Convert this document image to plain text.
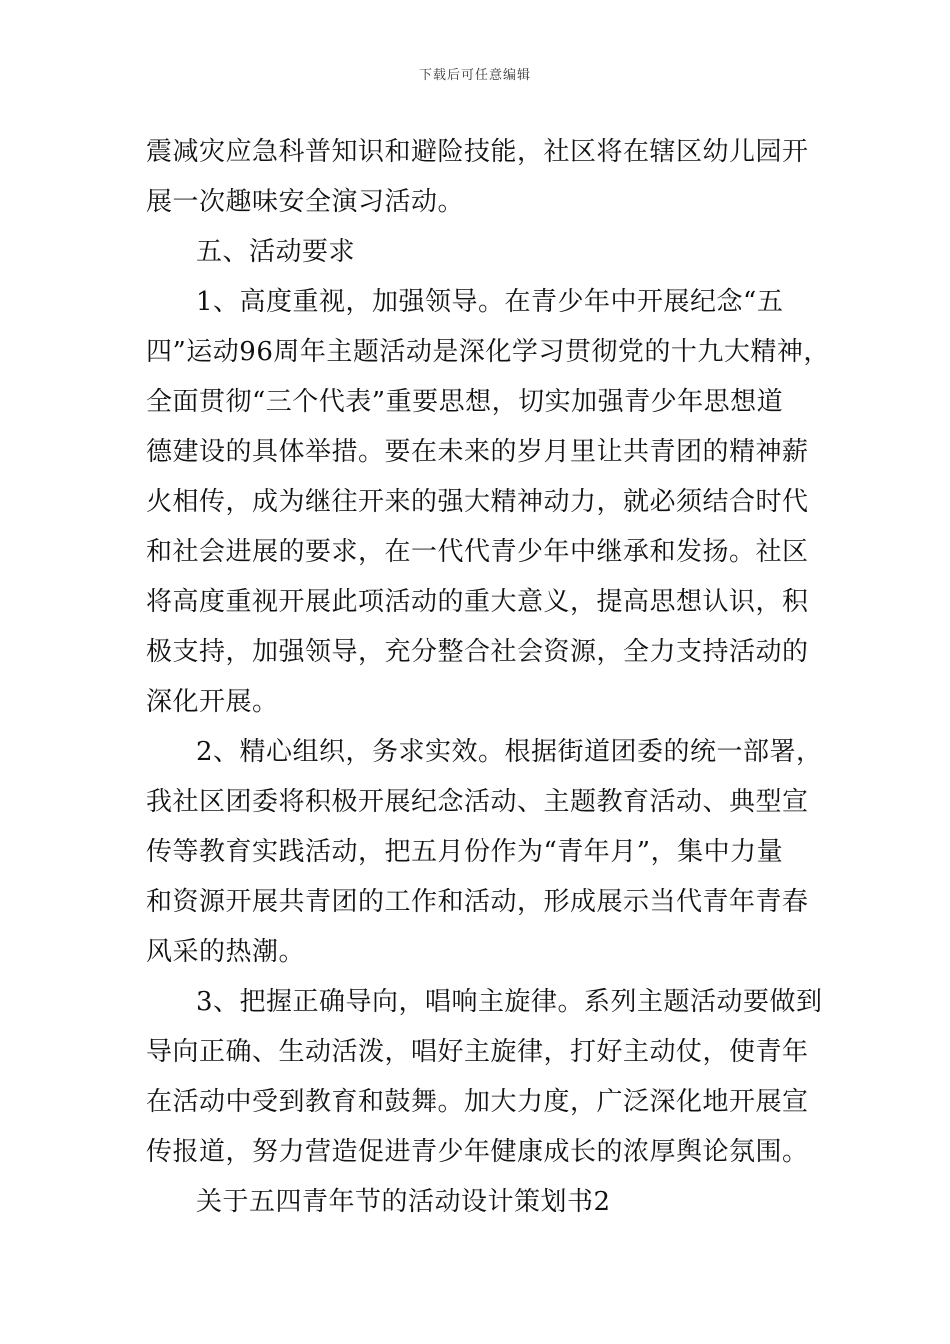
下载后可任意编辑
震减灾应急科普知识和避险技能，社区将在辖区幼儿园开
展一次趣味安全演习活动。
五、活动要求
1、高度重视，加强领导。在青少年中开展纪念“五
四”运动96周年主题活动是深化学习贯彻党的十九大精神，
全面贯彻“三个代表”重要思想，切实加强青少年思想道
德建设的具体举措。要在未来的岁月里让共青团的精神薪
火相传，成为继往开来的强大精神动力，就必须结合时代
和社会进展的要求，在一代代青少年中继承和发扬。社区
将高度重视开展此项活动的重大意义，提高思想认识，积
极支持，加强领导，充分整合社会资源，全力支持活动的
深化开展。
2、精心组织，务求实效。根据街道团委的统一部署，
我社区团委将积极开展纪念活动、主题教育活动、典型宣
传等教育实践活动，把五月份作为“青年月”，集中力量
和资源开展共青团的工作和活动，形成展示当代青年青春
风采的热潮。
3、把握正确导向，唱响主旋律。系列主题活动要做到
导向正确、生动活泼，唱好主旋律，打好主动仗，使青年
在活动中受到教育和鼓舞。加大力度，广泛深化地开展宣
传报道，努力营造促进青少年健康成长的浓厚舆论氛围。
关于五四青年节的活动设计策划书2
